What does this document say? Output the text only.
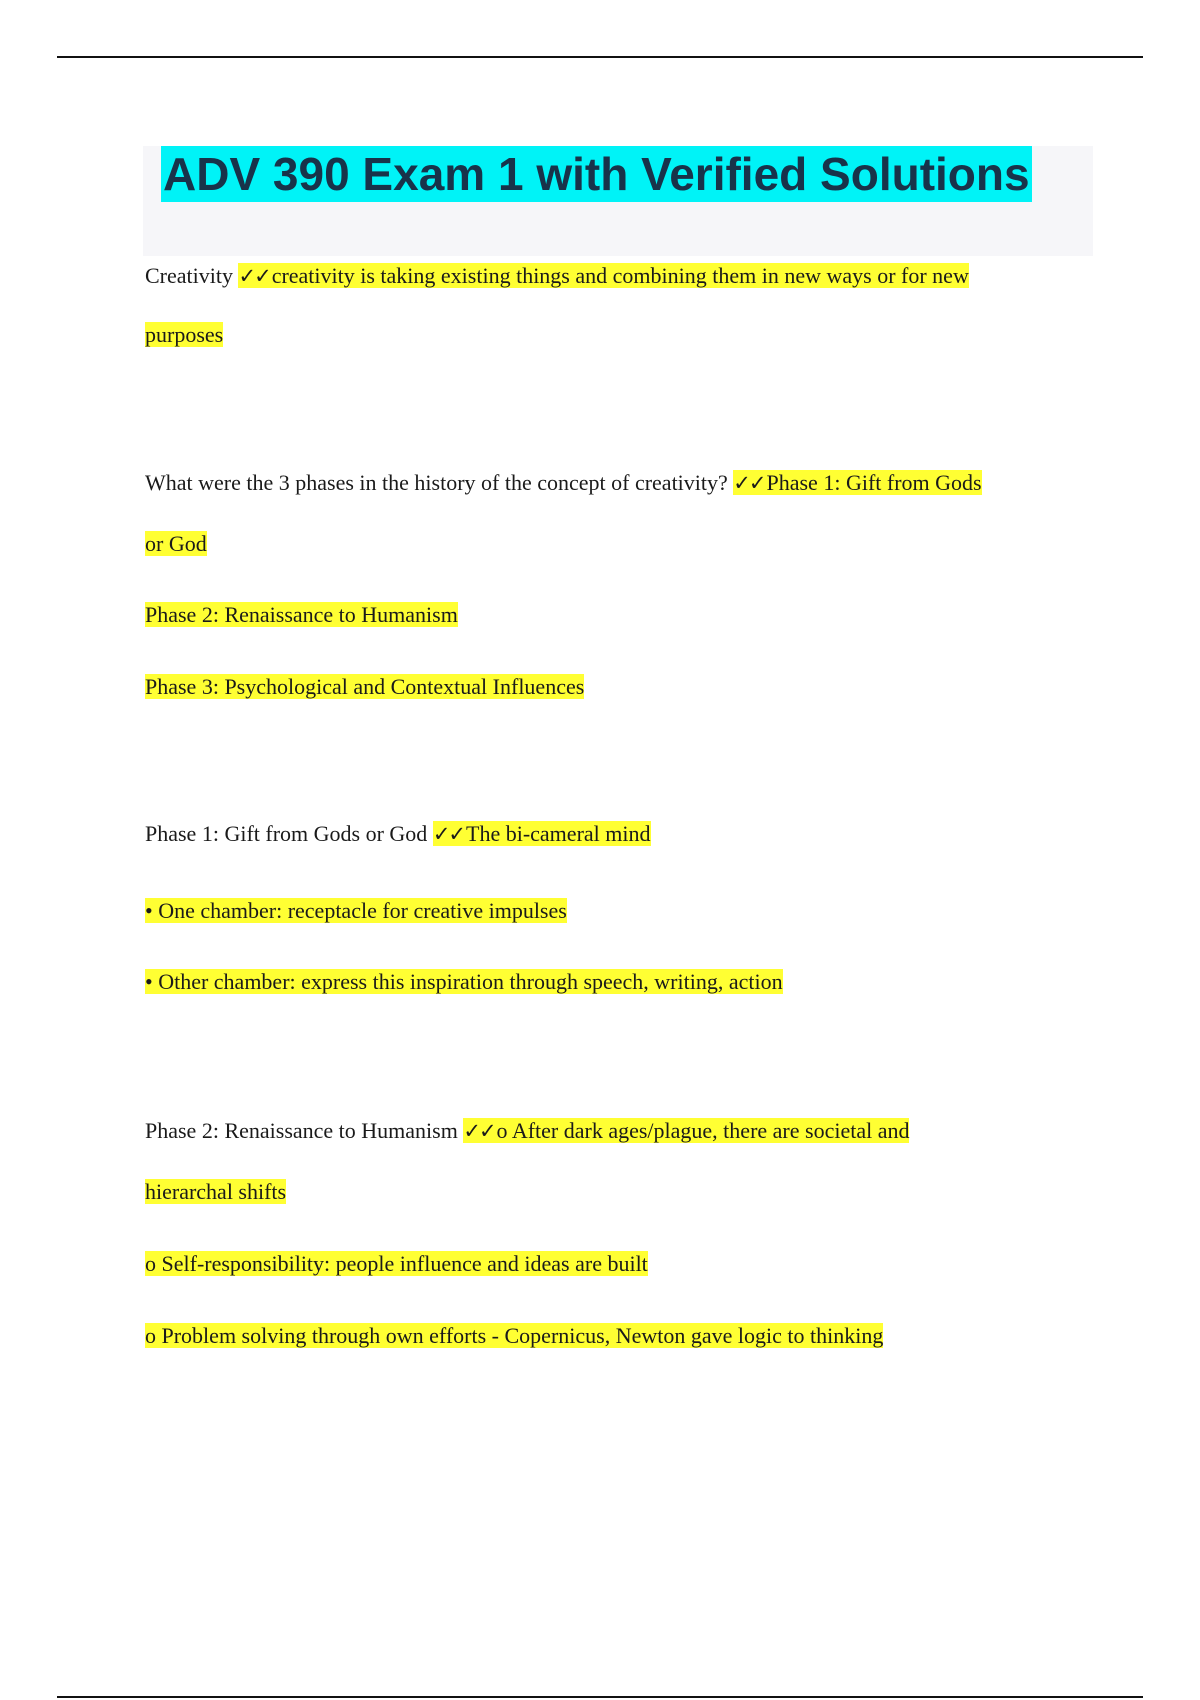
ADV 390 Exam 1 with Verified Solutions
Creativity ✓✓creativity is taking existing things and combining them in new ways or for new
purposes
What were the 3 phases in the history of the concept of creativity? ✓✓Phase 1: Gift from Gods
or God
Phase 2: Renaissance to Humanism
Phase 3: Psychological and Contextual Influences
Phase 1: Gift from Gods or God ✓✓The bi-cameral mind
• One chamber: receptacle for creative impulses
• Other chamber: express this inspiration through speech, writing, action
Phase 2: Renaissance to Humanism ✓✓o After dark ages/plague, there are societal and
hierarchal shifts
o Self-responsibility: people influence and ideas are built
o Problem solving through own efforts - Copernicus, Newton gave logic to thinking
